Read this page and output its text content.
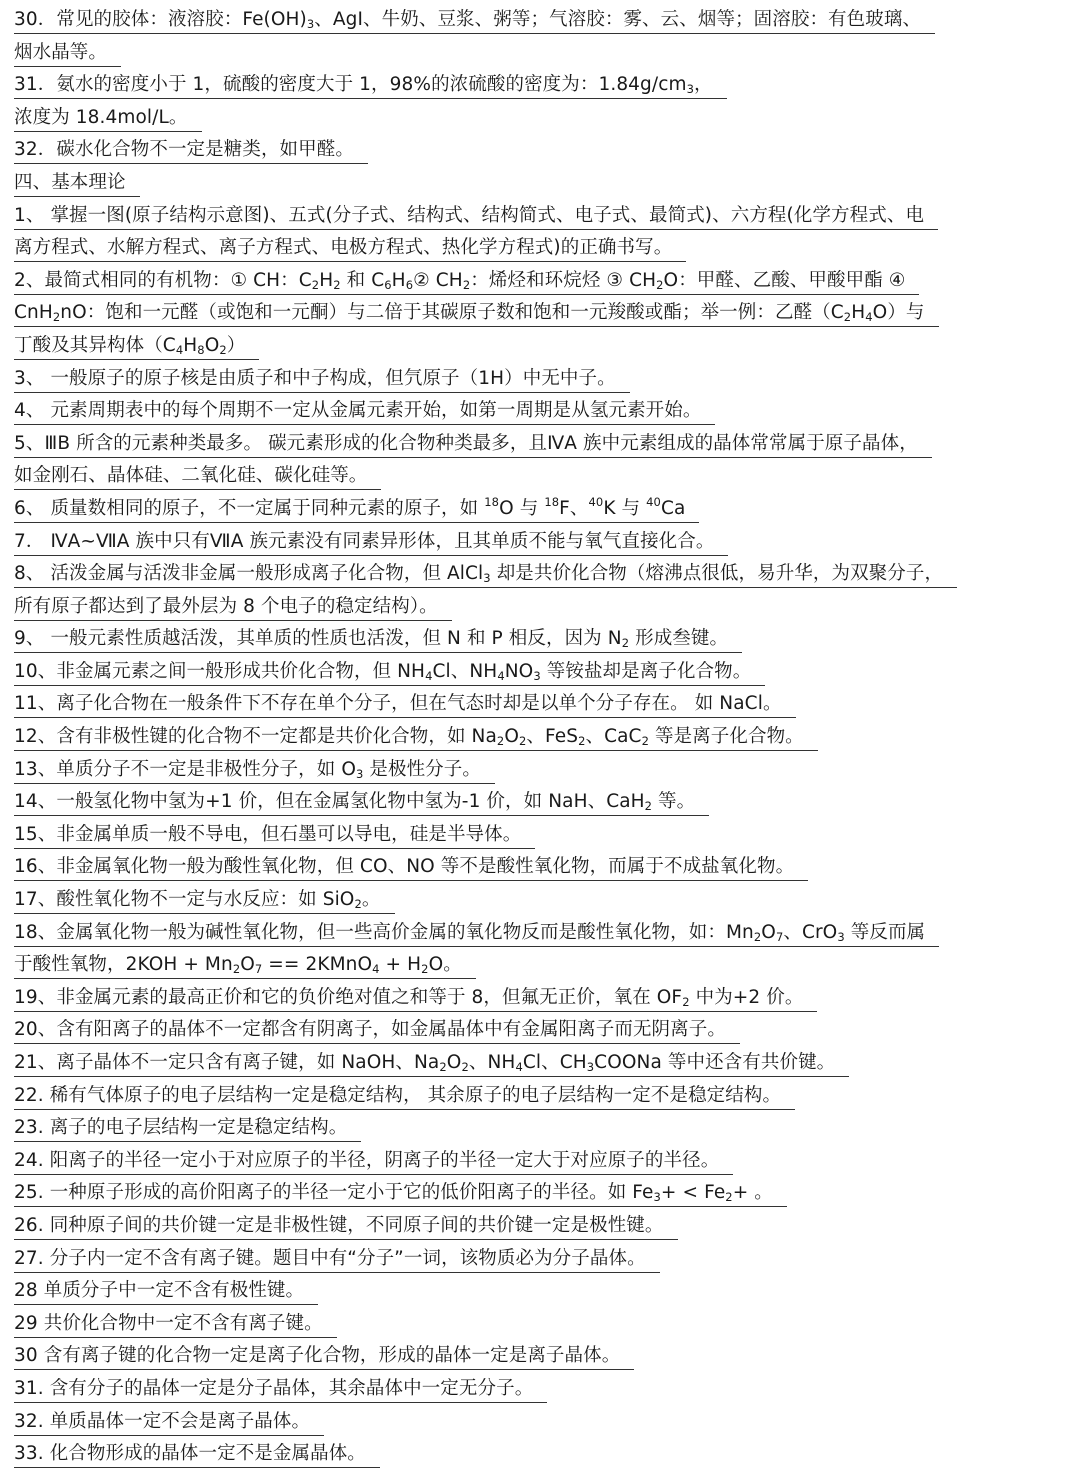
30．常见的胶体：液溶胶：$Fe(OH)_3$、AgI、牛奶、豆浆、粥等；气溶胶：雾、云、烟等；固溶胶：有色玻璃、
烟水晶等。
31．氨水的密度小于 1，硫酸的密度大于 1，98%的浓硫酸的密度为：$1.84g/cm_3$，
浓度为 18.4mol/L。
32．碳水化合物不一定是糖类，如甲醛。
四、基本理论
1、 掌握一图(原子结构示意图)、五式(分子式、结构式、结构简式、电子式、最简式)、六方程(化学方程式、电
离方程式、水解方程式、离子方程式、电极方程式、热化学方程式)的正确书写。
2、最简式相同的有机物：① CH：$C_2H_2$ 和 $C_6H_6②$ $CH_2$：烯烃和环烷烃 ③ $CH_2O$：甲醛、乙酸、甲酸甲酯 ④
CnH$_2$nO：饱和一元醛（或饱和一元酮）与二倍于其碳原子数和饱和一元羧酸或酯；举一例：乙醛$(C_2H_4O)$与
丁酸及其异构体$(C_4H_8O_2)$
3、 一般原子的原子核是由质子和中子构成，但氕原子（1H）中无中子。
4、 元素周期表中的每个周期不一定从金属元素开始，如第一周期是从氢元素开始。
5、ⅢB 所含的元素种类最多。 碳元素形成的化合物种类最多，且ⅣA 族中元素组成的晶体常常属于原子晶体，
如金刚石、晶体硅、二氧化硅、碳化硅等。
6、 质量数相同的原子，不一定属于同种元素的原子，如 $^{18}$O 与 $^{18}$F、$^{40}$K 与 $^{40}$Ca
7． ⅣA~ⅦA 族中只有ⅦA 族元素没有同素异形体，且其单质不能与氧气直接化合。
8、 活泼金属与活泼非金属一般形成离子化合物，但 AlCl$_3$ 却是共价化合物（熔沸点很低，易升华，为双聚分子，
所有原子都达到了最外层为 8 个电子的稳定结构）。
9、 一般元素性质越活泼，其单质的性质也活泼，但 N 和 P 相反，因为 $N_2$ 形成叁键。
10、非金属元素之间一般形成共价化合物，但 $NH_4Cl$、$NH_4NO_3$ 等铵盐却是离子化合物。
11、离子化合物在一般条件下不存在单个分子，但在气态时却是以单个分子存在。 如 NaCl。
12、含有非极性键的化合物不一定都是共价化合物，如 $Na_2O_2$、FeS$_2$、CaC$_2$ 等是离子化合物。
13、单质分子不一定是非极性分子，如 $O_3$ 是极性分子。
14、一般氢化物中氢为+1 价，但在金属氢化物中氢为-1 价，如 NaH、CaH$_2$ 等。
15、非金属单质一般不导电，但石墨可以导电，硅是半导体。
16、非金属氧化物一般为酸性氧化物，但 CO、NO 等不是酸性氧化物，而属于不成盐氧化物。
17、酸性氧化物不一定与水反应：如 SiO$_2$。
18、金属氧化物一般为碱性氧化物，但一些高价金属的氧化物反而是酸性氧化物，如：$Mn_2O_7$、CrO$_3$ 等反而属
于酸性氧物，$2KOH + Mn_2O_7$ == 2KMnO$_4$ + $H_2O$。
19、非金属元素的最高正价和它的负价绝对值之和等于 8，但氟无正价，氧在 $OF_2$ 中为+2 价。
20、含有阳离子的晶体不一定都含有阴离子，如金属晶体中有金属阳离子而无阴离子。
21、离子晶体不一定只含有离子键，如 NaOH、$Na_2O_2$、$NH_4Cl$、$CH_3COONa$ 等中还含有共价键。
22. 稀有气体原子的电子层结构一定是稳定结构， 其余原子的电子层结构一定不是稳定结构。
23. 离子的电子层结构一定是稳定结构。
24. 阳离子的半径一定小于对应原子的半径，阴离子的半径一定大于对应原子的半径。
25. 一种原子形成的高价阳离子的半径一定小于它的低价阳离子的半径。如 $Fe_3+ < Fe_2+$ 。
26. 同种原子间的共价键一定是非极性键，不同原子间的共价键一定是极性键。
27. 分子内一定不含有离子键。题目中有“分子”一词，该物质必为分子晶体。
28 单质分子中一定不含有极性键。
29 共价化合物中一定不含有离子键。
30 含有离子键的化合物一定是离子化合物，形成的晶体一定是离子晶体。
31. 含有分子的晶体一定是分子晶体，其余晶体中一定无分子。
32. 单质晶体一定不会是离子晶体。
33. 化合物形成的晶体一定不是金属晶体。
